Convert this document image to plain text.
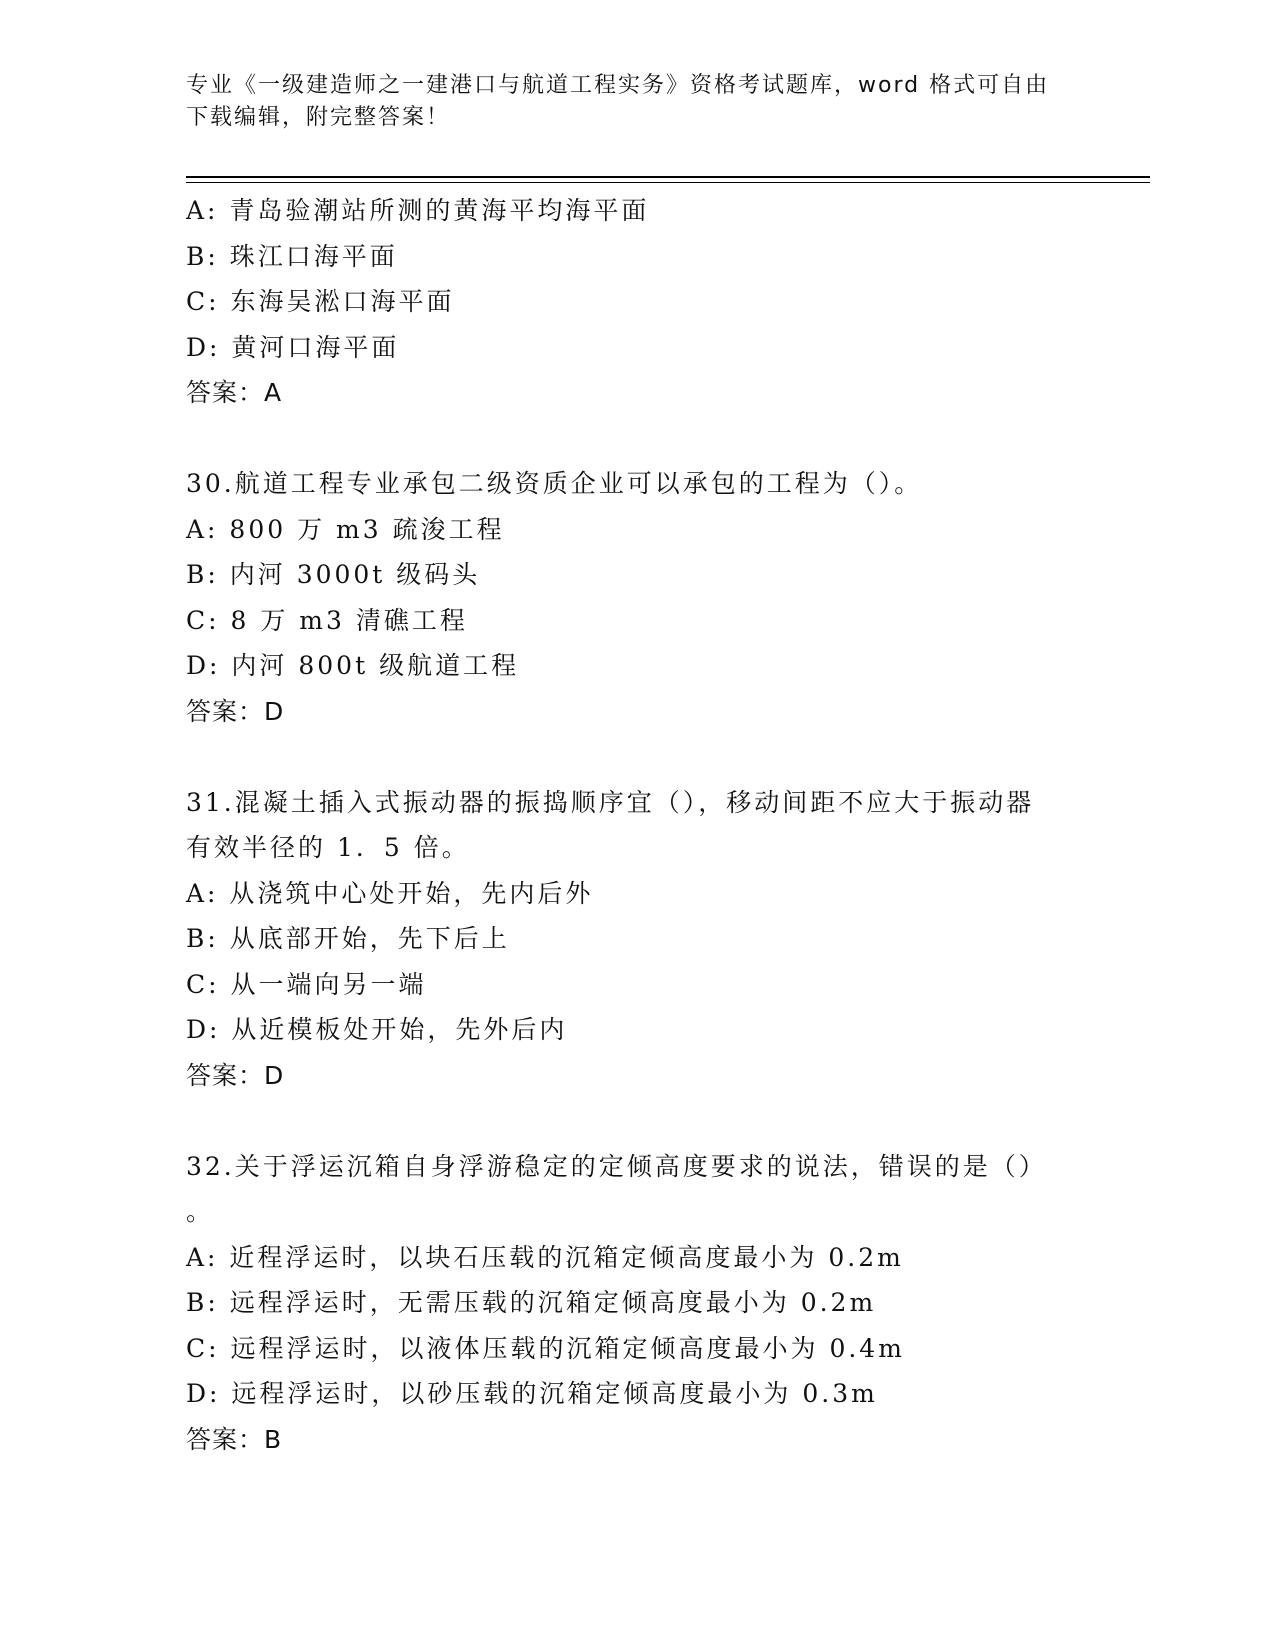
专业《一级建造师之一建港口与航道工程实务》资格考试题库，word 格式可自由
下载编辑，附完整答案！
A: 青岛验潮站所测的黄海平均海平面
B: 珠江口海平面
C: 东海吴淞口海平面
D: 黄河口海平面
答案：A
30.航道工程专业承包二级资质企业可以承包的工程为（）。
A: 800 万 m3 疏浚工程
B: 内河 3000t 级码头
C: 8 万 m3 清礁工程
D: 内河 800t 级航道工程
答案：D
31.混凝土插入式振动器的振捣顺序宜（），移动间距不应大于振动器
有效半径的 1．5 倍。
A: 从浇筑中心处开始，先内后外
B: 从底部开始，先下后上
C: 从一端向另一端
D: 从近模板处开始，先外后内
答案：D
32.关于浮运沉箱自身浮游稳定的定倾高度要求的说法，错误的是（）
。
A: 近程浮运时，以块石压载的沉箱定倾高度最小为 0.2m
B: 远程浮运时，无需压载的沉箱定倾高度最小为 0.2m
C: 远程浮运时，以液体压载的沉箱定倾高度最小为 0.4m
D: 远程浮运时，以砂压载的沉箱定倾高度最小为 0.3m
答案：B
